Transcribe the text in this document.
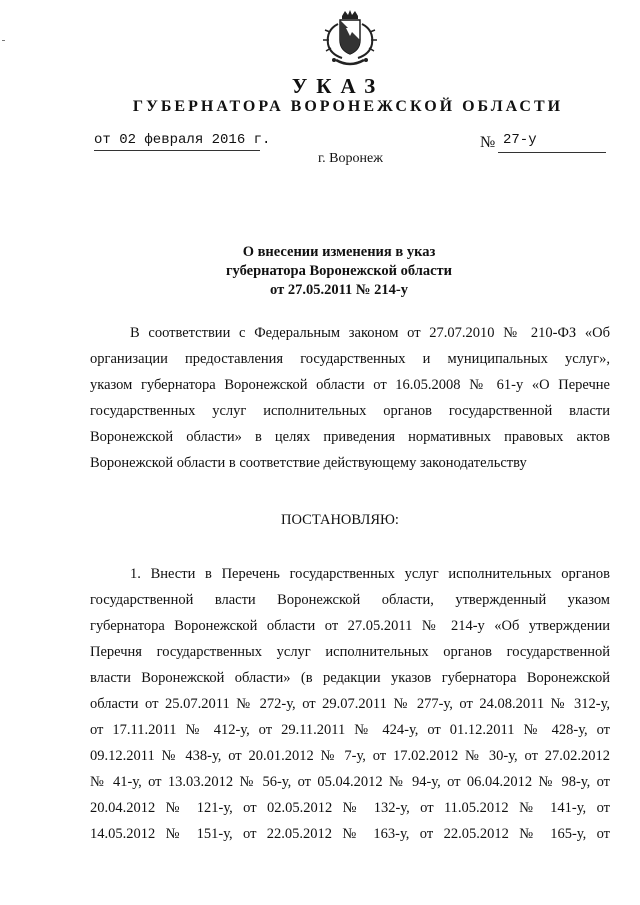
УКАЗ
ГУБЕРНАТОРА ВОРОНЕЖСКОЙ ОБЛАСТИ
от 02 февраля 2016 г.	№ 27-у
г. Воронеж
О внесении изменения в указ
губернатора Воронежской области
от 27.05.2011 № 214-у
В соответствии с Федеральным законом от 27.07.2010 № 210-ФЗ «Об
организации предоставления государственных и муниципальных услуг»,
указом губернатора Воронежской области от 16.05.2008 № 61-у «О Перечне
государственных услуг исполнительных органов государственной власти
Воронежской области» в целях приведения нормативных правовых актов
Воронежской области в соответствие действующему законодательству
ПОСТАНОВЛЯЮ:
1. Внести в Перечень государственных услуг исполнительных органов
государственной власти Воронежской области, утвержденный указом
губернатора Воронежской области от 27.05.2011 № 214-у «Об утверждении
Перечня государственных услуг исполнительных органов государственной
власти Воронежской области» (в редакции указов губернатора Воронежской
области от 25.07.2011 № 272-у, от 29.07.2011 № 277-у, от 24.08.2011 № 312-у,
от 17.11.2011 № 412-у, от 29.11.2011 № 424-у, от 01.12.2011 № 428-у, от
09.12.2011 № 438-у, от 20.01.2012 № 7-у, от 17.02.2012 № 30-у, от 27.02.2012
№ 41-у, от 13.03.2012 № 56-у, от 05.04.2012 № 94-у, от 06.04.2012 № 98-у, от
20.04.2012 № 121-у, от 02.05.2012 № 132-у, от 11.05.2012 № 141-у, от
14.05.2012 № 151-у, от 22.05.2012 № 163-у, от 22.05.2012 № 165-у, от
